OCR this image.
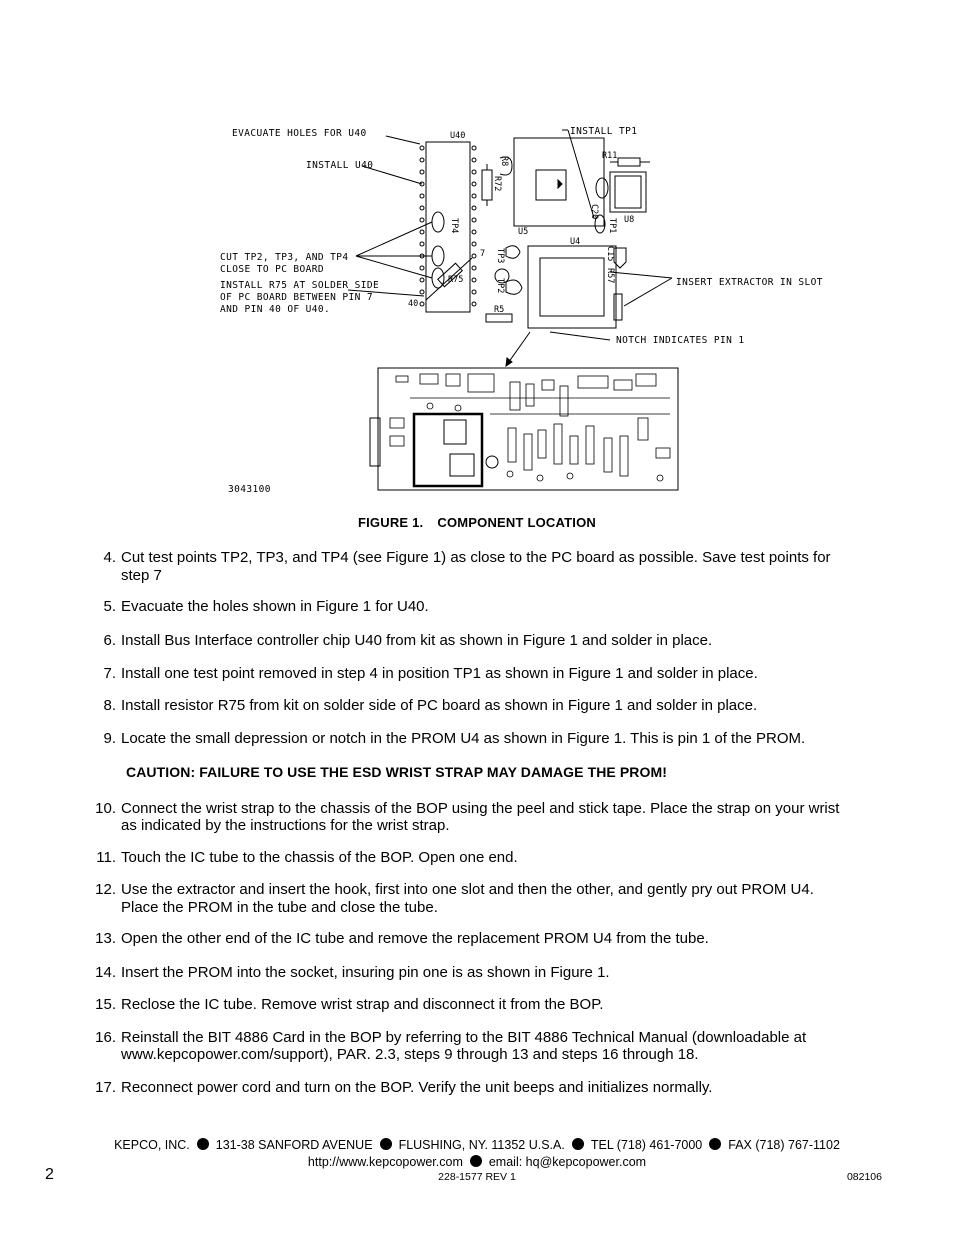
EVACUATE HOLES FOR U40
INSTALL U40
CUT TP2, TP3, AND TP4
CLOSE TO PC BOARD
INSTALL R75 AT SOLDER SIDE
OF PC BOARD BETWEEN PIN 7
AND PIN 40 OF U40.
INSTALL TP1
INSERT EXTRACTOR IN SLOT
NOTCH INDICATES PIN 1
U40
TP4
R75
7
40
R72
R8
R5
U5
U4
R11
C20
U8
TP1
C15
R57
TP3
TP2
3043100
FIGURE 1. COMPONENT LOCATION
4. Cut test points TP2, TP3, and TP4 (see Figure 1) as close to the PC board as possible. Save test points for step 7
5. Evacuate the holes shown in Figure 1 for U40.
6. Install Bus Interface controller chip U40 from kit as shown in Figure 1 and solder in place.
7. Install one test point removed in step 4 in position TP1 as shown in Figure 1 and solder in place.
8. Install resistor R75 from kit on solder side of PC board as shown in Figure 1 and solder in place.
9. Locate the small depression or notch in the PROM U4 as shown in Figure 1. This is pin 1 of the PROM.
10. Connect the wrist strap to the chassis of the BOP using the peel and stick tape. Place the strap on your wrist as indicated by the instructions for the wrist strap.
11. Touch the IC tube to the chassis of the BOP. Open one end.
12. Use the extractor and insert the hook, first into one slot and then the other, and gently pry out PROM U4. Place the PROM in the tube and close the tube.
13. Open the other end of the IC tube and remove the replacement PROM U4 from the tube.
14. Insert the PROM into the socket, insuring pin one is as shown in Figure 1.
15. Reclose the IC tube. Remove wrist strap and disconnect it from the BOP.
16. Reinstall the BIT 4886 Card in the BOP by referring to the BIT 4886 Technical Manual (downloadable at www.kepcopower.com/support), PAR. 2.3, steps 9 through 13 and steps 16 through 18.
17. Reconnect power cord and turn on the BOP. Verify the unit beeps and initializes normally.
CAUTION: FAILURE TO USE THE ESD WRIST STRAP MAY DAMAGE THE PROM!
KEPCO, INC. 131-38 SANFORD AVENUE FLUSHING, NY. 11352 U.S.A. TEL (718) 461-7000 FAX (718) 767-1102
http://www.kepcopower.com email: hq@kepcopower.com
2	228-1577 REV 1	082106
